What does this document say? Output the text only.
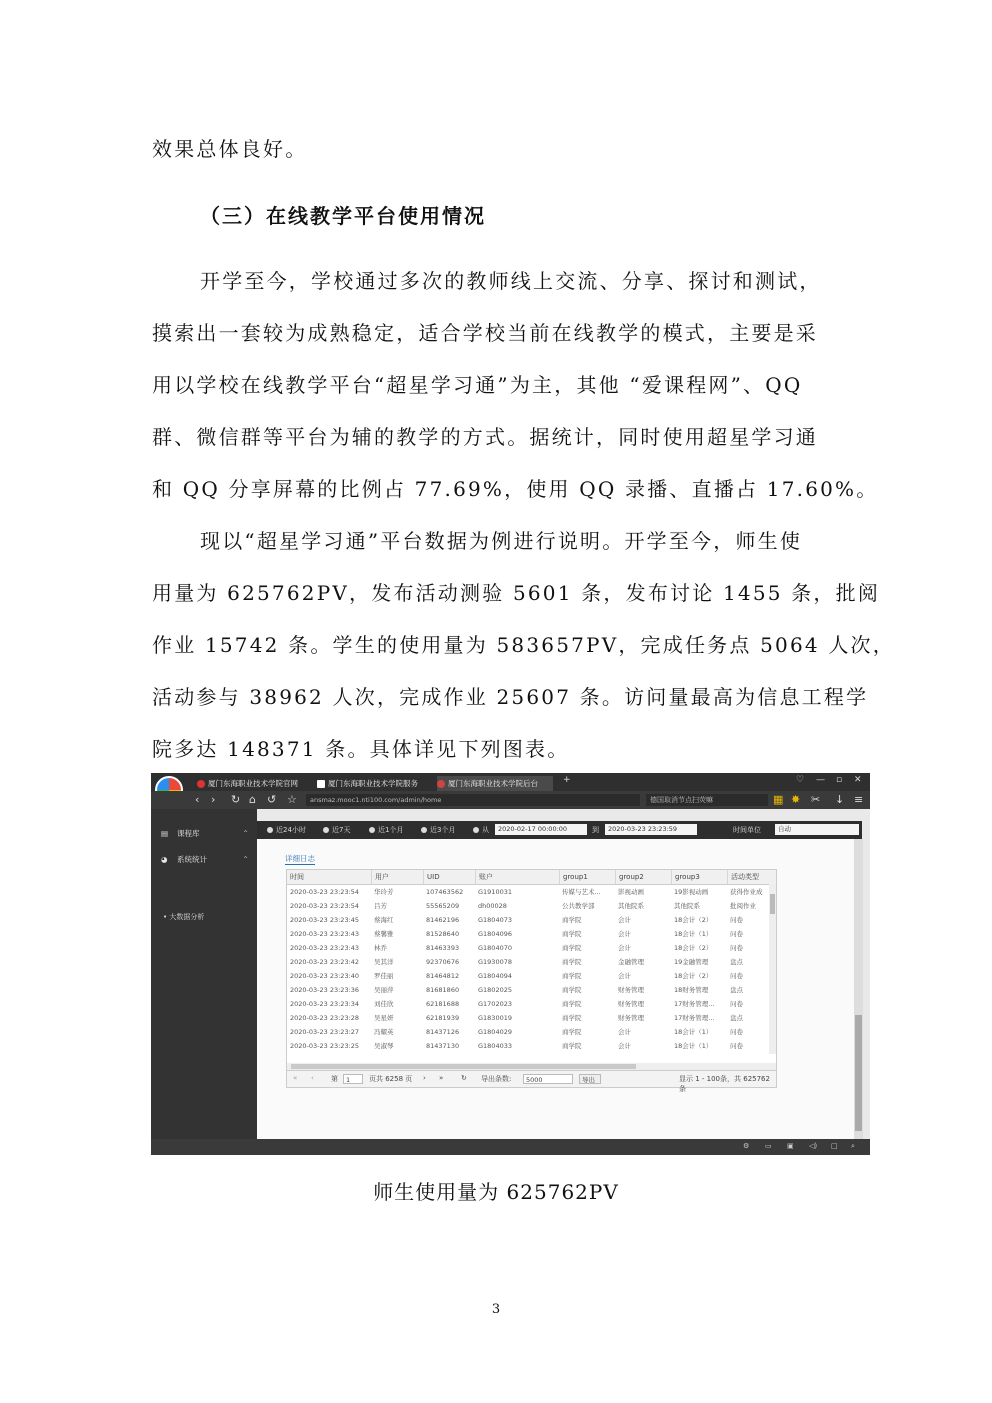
效果总体良好。
（三）在线教学平台使用情况
开学至今，学校通过多次的教师线上交流、分享、探讨和测试，
摸索出一套较为成熟稳定，适合学校当前在线教学的模式，主要是采
用以学校在线教学平台“超星学习通”为主，其他 “爱课程网”、QQ
群、微信群等平台为辅的教学的方式。据统计，同时使用超星学习通
和 QQ 分享屏幕的比例占 77.69%，使用 QQ 录播、直播占 17.60%。
现以“超星学习通”平台数据为例进行说明。开学至今，师生使
用量为 625762PV，发布活动测验 5601 条，发布讨论 1455 条，批阅
作业 15742 条。学生的使用量为 583657PV，完成任务点 5064 人次，
活动参与 38962 人次，完成作业 25607 条。访问量最高为信息工程学
院多达 148371 条。具体详见下列图表。
厦门东海职业技术学院官网	厦门东海职业技术学院服务	厦门东海职业技术学院后台	+	♡ — ▫ ✕
‹ › ↻ ⌂ ↺ ☆	ansmaz.mooc1.nti100.com/admin/home	德国取消节点扫荧嘛	▦ ✸ ✂ ↓ ≡
▤ 课程库	⌃
◕ 系统统计	⌃
• 大数据分析
近24小时	近7天	近1个月	近3个月	从	2020-02-17 00:00:00	到	2020-03-23 23:23:59	时间单位	自动
详细日志
时间	用户	UID	账户	group1	group2	group3	活动类型
2020-03-23 23:23:54	华玲芳	107463562	G1910031	传媒与艺术...	影视动画	19影视动画	获得作业成
2020-03-23 23:23:54	吕芳	55565209	dh00028	公共教学部	其他院系	其他院系	批阅作业
2020-03-23 23:23:45	蔡海红	81462196	G1804073	商学院	会计	18会计（2）	问卷
2020-03-23 23:23:43	蔡馨雅	81528640	G1804096	商学院	会计	18会计（1）	问卷
2020-03-23 23:23:43	林乔	81463393	G1804070	商学院	会计	18会计（2）	问卷
2020-03-23 23:23:42	吴其洋	92370676	G1930078	商学院	金融管理	19金融管理	盘点
2020-03-23 23:23:40	罗佳丽	81464812	G1804094	商学院	会计	18会计（2）	问卷
2020-03-23 23:23:36	吴丽萍	81681860	G1802025	商学院	财务管理	18财务管理	盘点
2020-03-23 23:23:34	刘佳欣	62181688	G1702023	商学院	财务管理	17财务管理...	问卷
2020-03-23 23:23:28	吴星妍	62181939	G1830019	商学院	财务管理	17财务管理...	盘点
2020-03-23 23:23:27	冯耀英	81437126	G1804029	商学院	会计	18会计（1）	问卷
2020-03-23 23:23:25	吴淑琴	81437130	G1804033	商学院	会计	18会计（1）	问卷
« ‹ 第	1	页共 6258 页 › »	↻ 导出条数:	5000	导出	显示 1 - 100条，共 625762 条
⚙ ▭ ▣ ◁) □ ⌕
师生使用量为 625762PV
3
